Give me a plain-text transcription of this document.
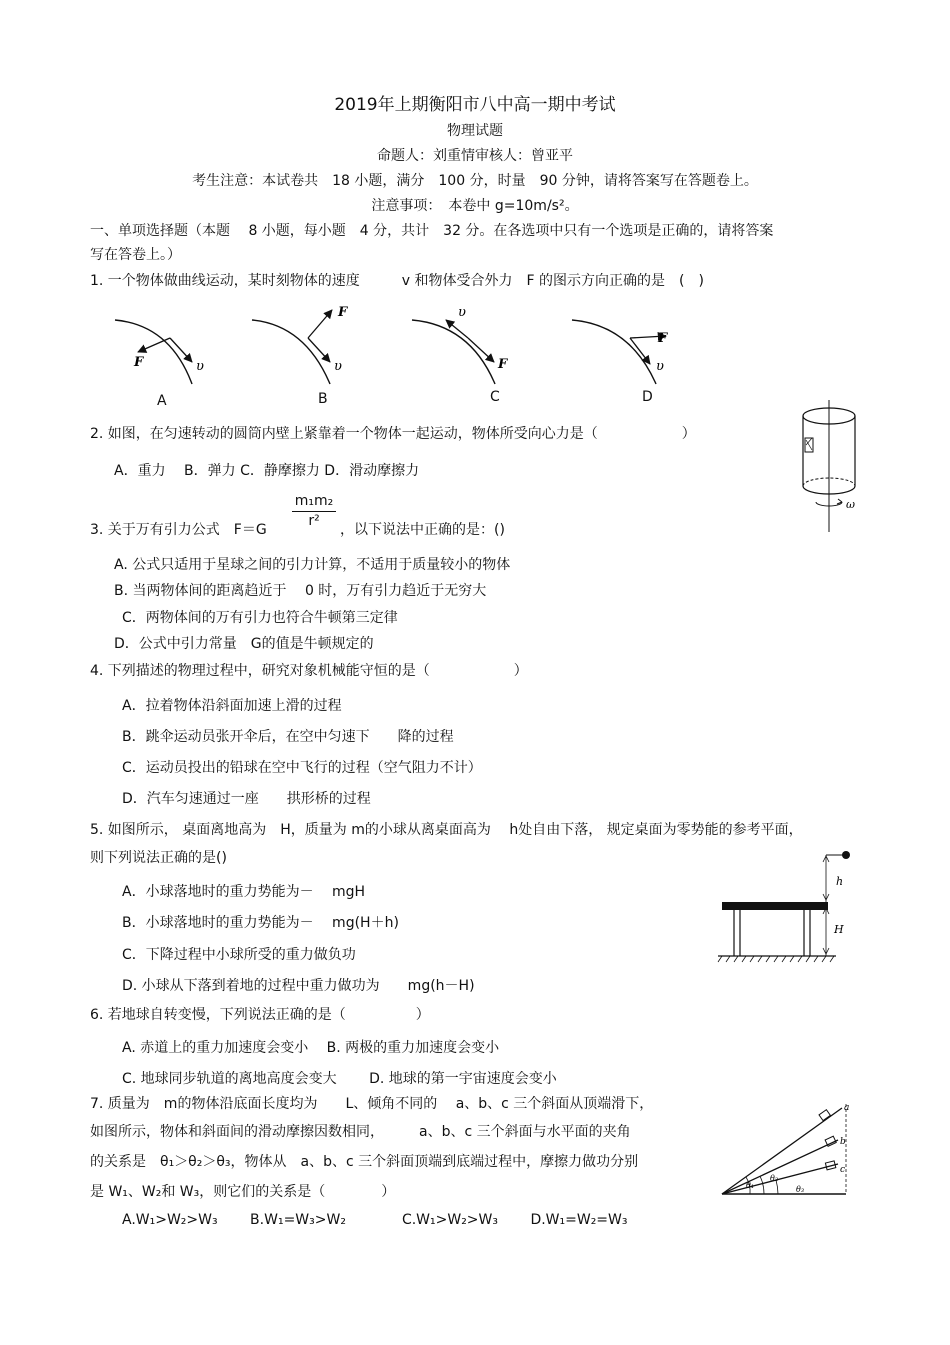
2019年上期衡阳市八中高一期中考试
物理试题
命题人：刘重情审核人：曾亚平
考生注意：本试卷共　18 小题，满分　100 分，时量　90 分钟，请将答案写在答题卷上。
注意事项：　本卷中 g=10m/s²。
一、单项选择题（本题　 8 小题，每小题　4 分，共计　32 分。在各选项中只有一个选项是正确的，请将答案
写在答卷上。）
1. 一个物体做曲线运动，某时刻物体的速度　　　v 和物体受合外力　F 的图示方向正确的是　(　)
υ
F	υ
F	υ
F	υ
F
A	B	C	D
2. 如图，在匀速转动的圆筒内壁上紧靠着一个物体一起运动，物体所受向心力是（　　　　　　）
A．重力　 B．弹力 C．静摩擦力 D．滑动摩擦力
ω
3. 关于万有引力公式　$F=G \frac{\text{m₁m₂}}{\text{r²}}$ ，以下说法中正确的是：()
A. 公式只适用于星球之间的引力计算，不适用于质量较小的物体
B. 当两物体间的距离趋近于　 0 时，万有引力趋近于无穷大
C．两物体间的万有引力也符合牛顿第三定律
D．公式中引力常量　G的值是牛顿规定的
4. 下列描述的物理过程中，研究对象机械能守恒的是（　　　　　　）
A．拉着物体沿斜面加速上滑的过程
B．跳伞运动员张开伞后，在空中匀速下　　降的过程
C．运动员投出的铅球在空中飞行的过程（空气阻力不计）
D．汽车匀速通过一座　　拱形桥的过程
5. 如图所示， 桌面离地高为　H，质量为 m的小球从离桌面高为　 h处自由下落， 规定桌面为零势能的参考平面，
则下列说法正确的是()
A．小球落地时的重力势能为－　 mgH
B．小球落地时的重力势能为－　 mg(H＋h)
C．下降过程中小球所受的重力做负功
D. 小球从下落到着地的过程中重力做功为　　mg(h－H)
h
H
6. 若地球自转变慢，下列说法正确的是（　　　　　）
A. 赤道上的重力加速度会变小　 B. 两极的重力加速度会变小
C. 地球同步轨道的离地高度会变大　　 D. 地球的第一宇宙速度会变小
7. 质量为　m的物体沿底面长度均为　　L、倾角不同的　 a、b、c 三个斜面从顶端滑下，
如图所示，物体和斜面间的滑动摩擦因数相同，　　　a、b、c 三个斜面与水平面的夹角
的关系是　θ₁＞θ₂＞θ₃，物体从　a、b、c 三个斜面顶端到底端过程中，摩擦力做功分别
是 W₁、W₂和 W₃，则它们的关系是（　　　　）
A.W₁>W₂>W₃　　 B.W₁=W₃>W₂　　　　C.W₁>W₂>W₃　　 D.W₁=W₂=W₃
a
b
c
θ₁
θ₂
θ₃
